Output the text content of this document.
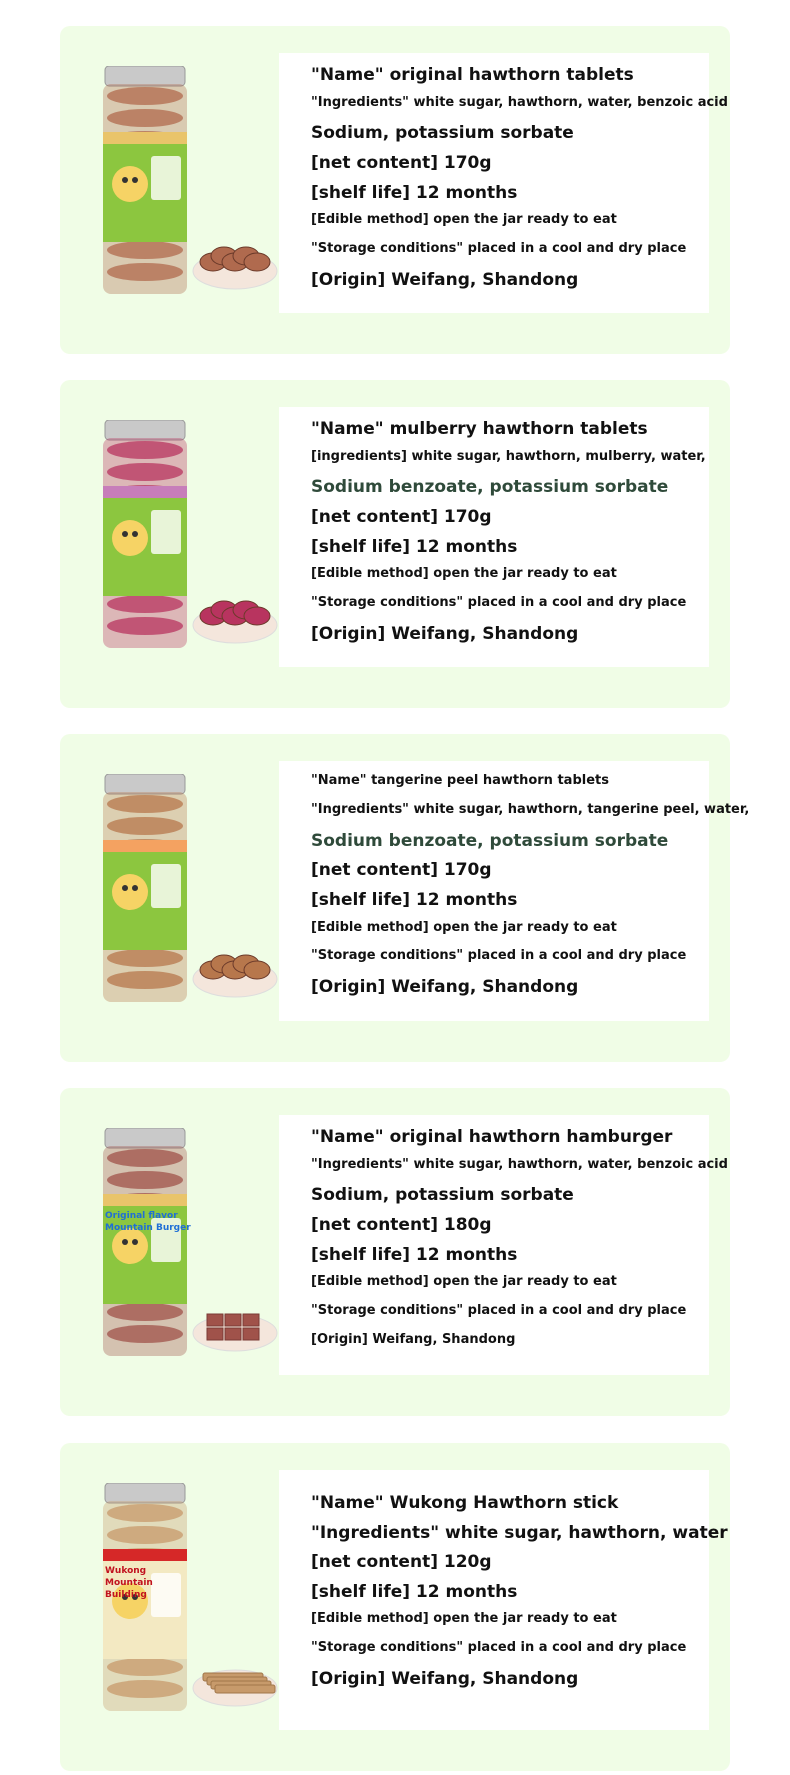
"Name" original hawthorn tablets

"Ingredients" white sugar, hawthorn, water, benzoic acid

Sodium, potassium sorbate

[net content] 170g

[shelf life] 12 months

[Edible method] open the jar ready to eat

"Storage conditions" placed in a cool and dry place

[Origin] Weifang, Shandong

"Name" mulberry hawthorn tablets

[ingredients] white sugar, hawthorn, mulberry, water,

Sodium benzoate, potassium sorbate

[net content] 170g

[shelf life] 12 months

[Edible method] open the jar ready to eat

"Storage conditions" placed in a cool and dry place

[Origin] Weifang, Shandong

"Name" tangerine peel hawthorn tablets

"Ingredients" white sugar, hawthorn, tangerine peel, water,

Sodium benzoate, potassium sorbate

[net content] 170g

[shelf life] 12 months

[Edible method] open the jar ready to eat

"Storage conditions" placed in a cool and dry place

[Origin] Weifang, Shandong

Original flavor
Mountain Burger

"Name" original hawthorn hamburger

"Ingredients" white sugar, hawthorn, water, benzoic acid

Sodium, potassium sorbate

[net content] 180g

[shelf life] 12 months

[Edible method] open the jar ready to eat

"Storage conditions" placed in a cool and dry place

[Origin] Weifang, Shandong

Wukong
Mountain
Building

"Name" Wukong Hawthorn stick

"Ingredients" white sugar, hawthorn, water

[net content] 120g

[shelf life] 12 months

[Edible method] open the jar ready to eat

"Storage conditions" placed in a cool and dry place

[Origin] Weifang, Shandong
